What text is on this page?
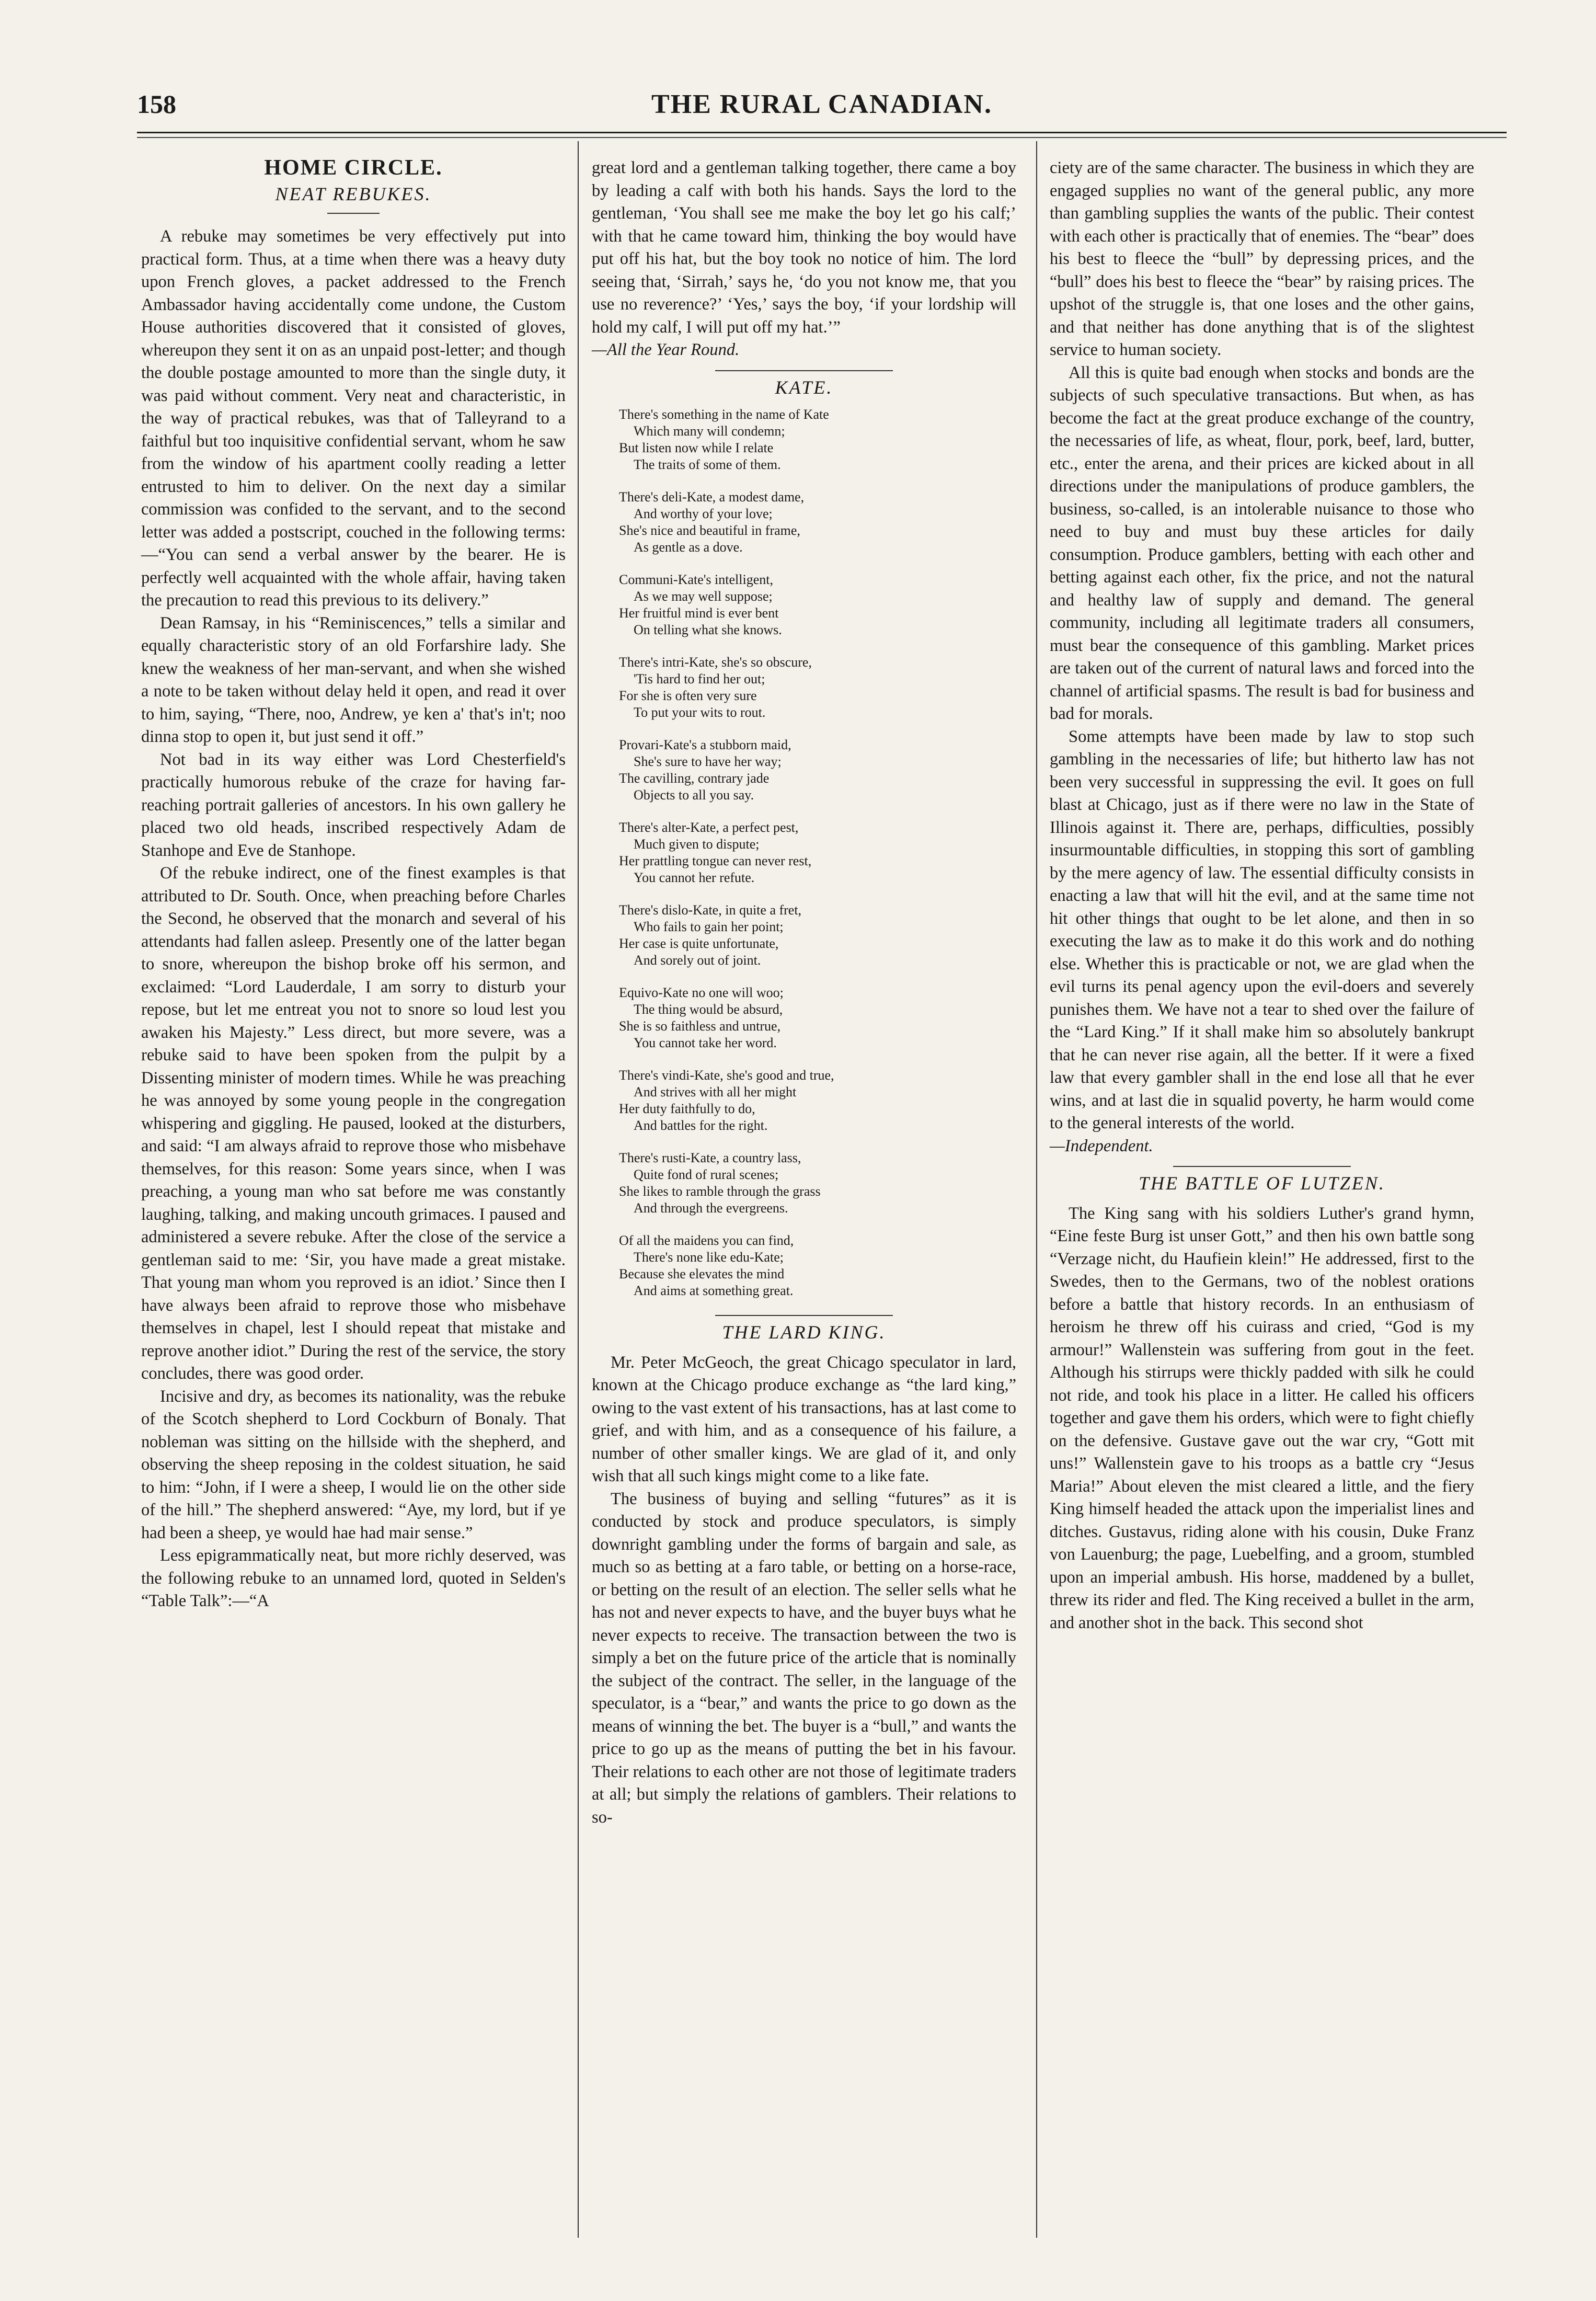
158	THE RURAL CANADIAN.
HOME CIRCLE.
NEAT REBUKES.

A rebuke may sometimes be very effectively put into practical form. Thus, at a time when there was a heavy duty upon French gloves, a packet addressed to the French Ambassador having accidentally come undone, the Custom House authorities discovered that it consisted of gloves, whereupon they sent it on as an unpaid post-letter; and though the double postage amounted to more than the single duty, it was paid without comment. Very neat and characteristic, in the way of practical rebukes, was that of Talleyrand to a faithful but too inquisitive confidential servant, whom he saw from the window of his apartment coolly reading a letter entrusted to him to deliver. On the next day a similar commission was confided to the servant, and to the second letter was added a postscript, couched in the following terms:—“You can send a verbal answer by the bearer. He is perfectly well acquainted with the whole affair, having taken the precaution to read this previous to its delivery.”

Dean Ramsay, in his “Reminiscences,” tells a similar and equally characteristic story of an old Forfarshire lady. She knew the weakness of her man-servant, and when she wished a note to be taken without delay held it open, and read it over to him, saying, “There, noo, Andrew, ye ken a' that's in't; noo dinna stop to open it, but just send it off.”

Not bad in its way either was Lord Chesterfield's practically humorous rebuke of the craze for having far-reaching portrait galleries of ancestors. In his own gallery he placed two old heads, inscribed respectively Adam de Stanhope and Eve de Stanhope.

Of the rebuke indirect, one of the finest examples is that attributed to Dr. South. Once, when preaching before Charles the Second, he observed that the monarch and several of his attendants had fallen asleep. Presently one of the latter began to snore, whereupon the bishop broke off his sermon, and exclaimed: “Lord Lauderdale, I am sorry to disturb your repose, but let me entreat you not to snore so loud lest you awaken his Majesty.” Less direct, but more severe, was a rebuke said to have been spoken from the pulpit by a Dissenting minister of modern times. While he was preaching he was annoyed by some young people in the congregation whispering and giggling. He paused, looked at the disturbers, and said: “I am always afraid to reprove those who misbehave themselves, for this reason: Some years since, when I was preaching, a young man who sat before me was constantly laughing, talking, and making uncouth grimaces. I paused and administered a severe rebuke. After the close of the service a gentleman said to me: ‘Sir, you have made a great mistake. That young man whom you reproved is an idiot.’ Since then I have always been afraid to reprove those who misbehave themselves in chapel, lest I should repeat that mistake and reprove another idiot.” During the rest of the service, the story concludes, there was good order.

Incisive and dry, as becomes its nationality, was the rebuke of the Scotch shepherd to Lord Cockburn of Bonaly. That nobleman was sitting on the hillside with the shepherd, and observing the sheep reposing in the coldest situation, he said to him: “John, if I were a sheep, I would lie on the other side of the hill.” The shepherd answered: “Aye, my lord, but if ye had been a sheep, ye would hae had mair sense.”

Less epigrammatically neat, but more richly deserved, was the following rebuke to an unnamed lord, quoted in Selden's “Table Talk”:—“A

great lord and a gentleman talking together, there came a boy by leading a calf with both his hands. Says the lord to the gentleman, ‘You shall see me make the boy let go his calf;’ with that he came toward him, thinking the boy would have put off his hat, but the boy took no notice of him. The lord seeing that, ‘Sirrah,’ says he, ‘do you not know me, that you use no reverence?’ ‘Yes,’ says the boy, ‘if your lordship will hold my calf, I will put off my hat.’”

—All the Year Round.
KATE.
There's something in the name of Kate
Which many will condemn;
But listen now while I relate
The traits of some of them.
There's deli-Kate, a modest dame,
And worthy of your love;
She's nice and beautiful in frame,
As gentle as a dove.
Communi-Kate's intelligent,
As we may well suppose;
Her fruitful mind is ever bent
On telling what she knows.
There's intri-Kate, she's so obscure,
'Tis hard to find her out;
For she is often very sure
To put your wits to rout.
Provari-Kate's a stubborn maid,
She's sure to have her way;
The cavilling, contrary jade
Objects to all you say.
There's alter-Kate, a perfect pest,
Much given to dispute;
Her prattling tongue can never rest,
You cannot her refute.
There's dislo-Kate, in quite a fret,
Who fails to gain her point;
Her case is quite unfortunate,
And sorely out of joint.
Equivo-Kate no one will woo;
The thing would be absurd,
She is so faithless and untrue,
You cannot take her word.
There's vindi-Kate, she's good and true,
And strives with all her might
Her duty faithfully to do,
And battles for the right.
There's rusti-Kate, a country lass,
Quite fond of rural scenes;
She likes to ramble through the grass
And through the evergreens.
Of all the maidens you can find,
There's none like edu-Kate;
Because she elevates the mind
And aims at something great.
THE LARD KING.

Mr. Peter McGeoch, the great Chicago speculator in lard, known at the Chicago produce exchange as “the lard king,” owing to the vast extent of his transactions, has at last come to grief, and with him, and as a consequence of his failure, a number of other smaller kings. We are glad of it, and only wish that all such kings might come to a like fate.

The business of buying and selling “futures” as it is conducted by stock and produce speculators, is simply downright gambling under the forms of bargain and sale, as much so as betting at a faro table, or betting on a horse-race, or betting on the result of an election. The seller sells what he has not and never expects to have, and the buyer buys what he never expects to receive. The transaction between the two is simply a bet on the future price of the article that is nominally the subject of the contract. The seller, in the language of the speculator, is a “bear,” and wants the price to go down as the means of winning the bet. The buyer is a “bull,” and wants the price to go up as the means of putting the bet in his favour. Their relations to each other are not those of legitimate traders at all; but simply the relations of gamblers. Their relations to so-

ciety are of the same character. The business in which they are engaged supplies no want of the general public, any more than gambling supplies the wants of the public. Their contest with each other is practically that of enemies. The “bear” does his best to fleece the “bull” by depressing prices, and the “bull” does his best to fleece the “bear” by raising prices. The upshot of the struggle is, that one loses and the other gains, and that neither has done anything that is of the slightest service to human society.

All this is quite bad enough when stocks and bonds are the subjects of such speculative transactions. But when, as has become the fact at the great produce exchange of the country, the necessaries of life, as wheat, flour, pork, beef, lard, butter, etc., enter the arena, and their prices are kicked about in all directions under the manipulations of produce gamblers, the business, so-called, is an intolerable nuisance to those who need to buy and must buy these articles for daily consumption. Produce gamblers, betting with each other and betting against each other, fix the price, and not the natural and healthy law of supply and demand. The general community, including all legitimate traders all consumers, must bear the consequence of this gambling. Market prices are taken out of the current of natural laws and forced into the channel of artificial spasms. The result is bad for business and bad for morals.

Some attempts have been made by law to stop such gambling in the necessaries of life; but hitherto law has not been very successful in suppressing the evil. It goes on full blast at Chicago, just as if there were no law in the State of Illinois against it. There are, perhaps, difficulties, possibly insurmountable difficulties, in stopping this sort of gambling by the mere agency of law. The essential difficulty consists in enacting a law that will hit the evil, and at the same time not hit other things that ought to be let alone, and then in so executing the law as to make it do this work and do nothing else. Whether this is practicable or not, we are glad when the evil turns its penal agency upon the evil-doers and severely punishes them. We have not a tear to shed over the failure of the “Lard King.” If it shall make him so absolutely bankrupt that he can never rise again, all the better. If it were a fixed law that every gambler shall in the end lose all that he ever wins, and at last die in squalid poverty, he harm would come to the general interests of the world.

—Independent.
THE BATTLE OF LUTZEN.

The King sang with his soldiers Luther's grand hymn, “Eine feste Burg ist unser Gott,” and then his own battle song “Verzage nicht, du Haufiein klein!” He addressed, first to the Swedes, then to the Germans, two of the noblest orations before a battle that history records. In an enthusiasm of heroism he threw off his cuirass and cried, “God is my armour!” Wallenstein was suffering from gout in the feet. Although his stirrups were thickly padded with silk he could not ride, and took his place in a litter. He called his officers together and gave them his orders, which were to fight chiefly on the defensive. Gustave gave out the war cry, “Gott mit uns!” Wallenstein gave to his troops as a battle cry “Jesus Maria!” About eleven the mist cleared a little, and the fiery King himself headed the attack upon the imperialist lines and ditches. Gustavus, riding alone with his cousin, Duke Franz von Lauenburg; the page, Luebelfing, and a groom, stumbled upon an imperial ambush. His horse, maddened by a bullet, threw its rider and fled. The King received a bullet in the arm, and another shot in the back. This second shot
